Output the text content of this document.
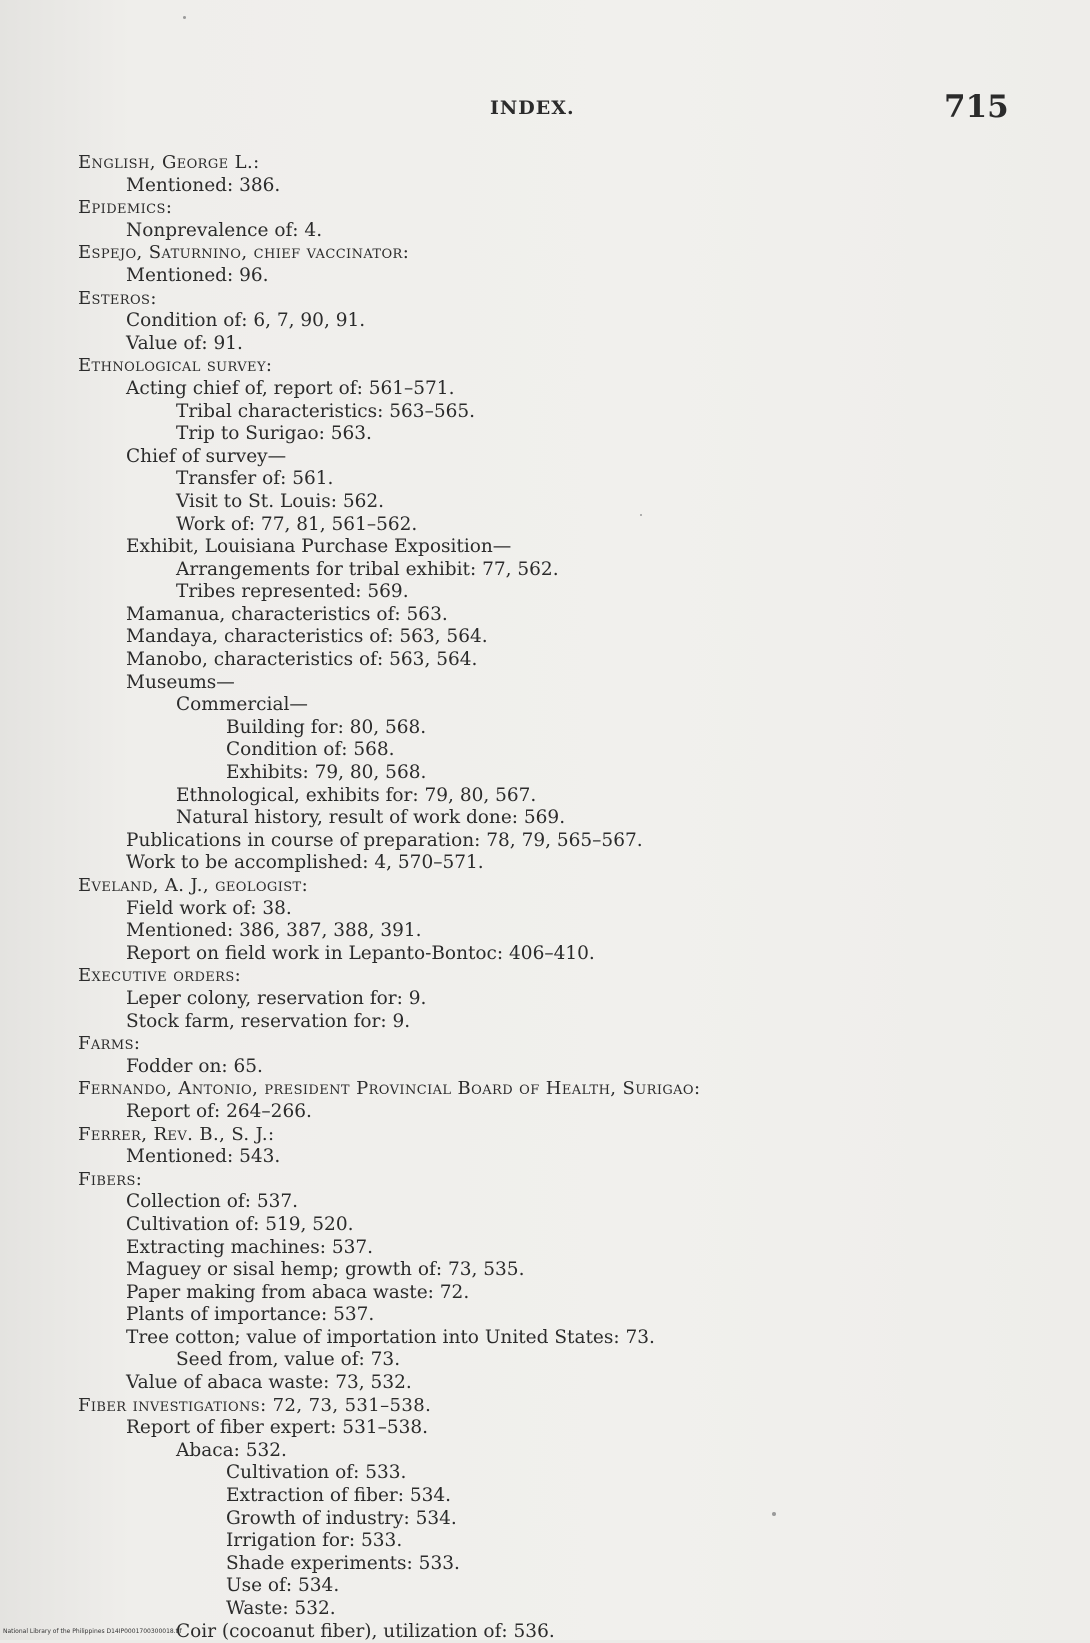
INDEX.	715
English, George L.:
Mentioned: 386.
Epidemics:
Nonprevalence of: 4.
Espejo, Saturnino, chief vaccinator:
Mentioned: 96.
Esteros:
Condition of: 6, 7, 90, 91.
Value of: 91.
Ethnological survey:
Acting chief of, report of: 561–571.
Tribal characteristics: 563–565.
Trip to Surigao: 563.
Chief of survey—
Transfer of: 561.
Visit to St. Louis: 562.
Work of: 77, 81, 561–562.
Exhibit, Louisiana Purchase Exposition—
Arrangements for tribal exhibit: 77, 562.
Tribes represented: 569.
Mamanua, characteristics of: 563.
Mandaya, characteristics of: 563, 564.
Manobo, characteristics of: 563, 564.
Museums—
Commercial—
Building for: 80, 568.
Condition of: 568.
Exhibits: 79, 80, 568.
Ethnological, exhibits for: 79, 80, 567.
Natural history, result of work done: 569.
Publications in course of preparation: 78, 79, 565–567.
Work to be accomplished: 4, 570–571.
Eveland, A. J., geologist:
Field work of: 38.
Mentioned: 386, 387, 388, 391.
Report on field work in Lepanto-Bontoc: 406–410.
Executive orders:
Leper colony, reservation for: 9.
Stock farm, reservation for: 9.
Farms:
Fodder on: 65.
Fernando, Antonio, president Provincial Board of Health, Surigao:
Report of: 264–266.
Ferrer, Rev. B., S. J.:
Mentioned: 543.
Fibers:
Collection of: 537.
Cultivation of: 519, 520.
Extracting machines: 537.
Maguey or sisal hemp; growth of: 73, 535.
Paper making from abaca waste: 72.
Plants of importance: 537.
Tree cotton; value of importation into United States: 73.
Seed from, value of: 73.
Value of abaca waste: 73, 532.
Fiber investigations: 72, 73, 531–538.
Report of fiber expert: 531–538.
Abaca: 532.
Cultivation of: 533.
Extraction of fiber: 534.
Growth of industry: 534.
Irrigation for: 533.
Shade experiments: 533.
Use of: 534.
Waste: 532.
Coir (cocoanut fiber), utilization of: 536.
National Library of the Philippines D14IP0001700300018.tif
